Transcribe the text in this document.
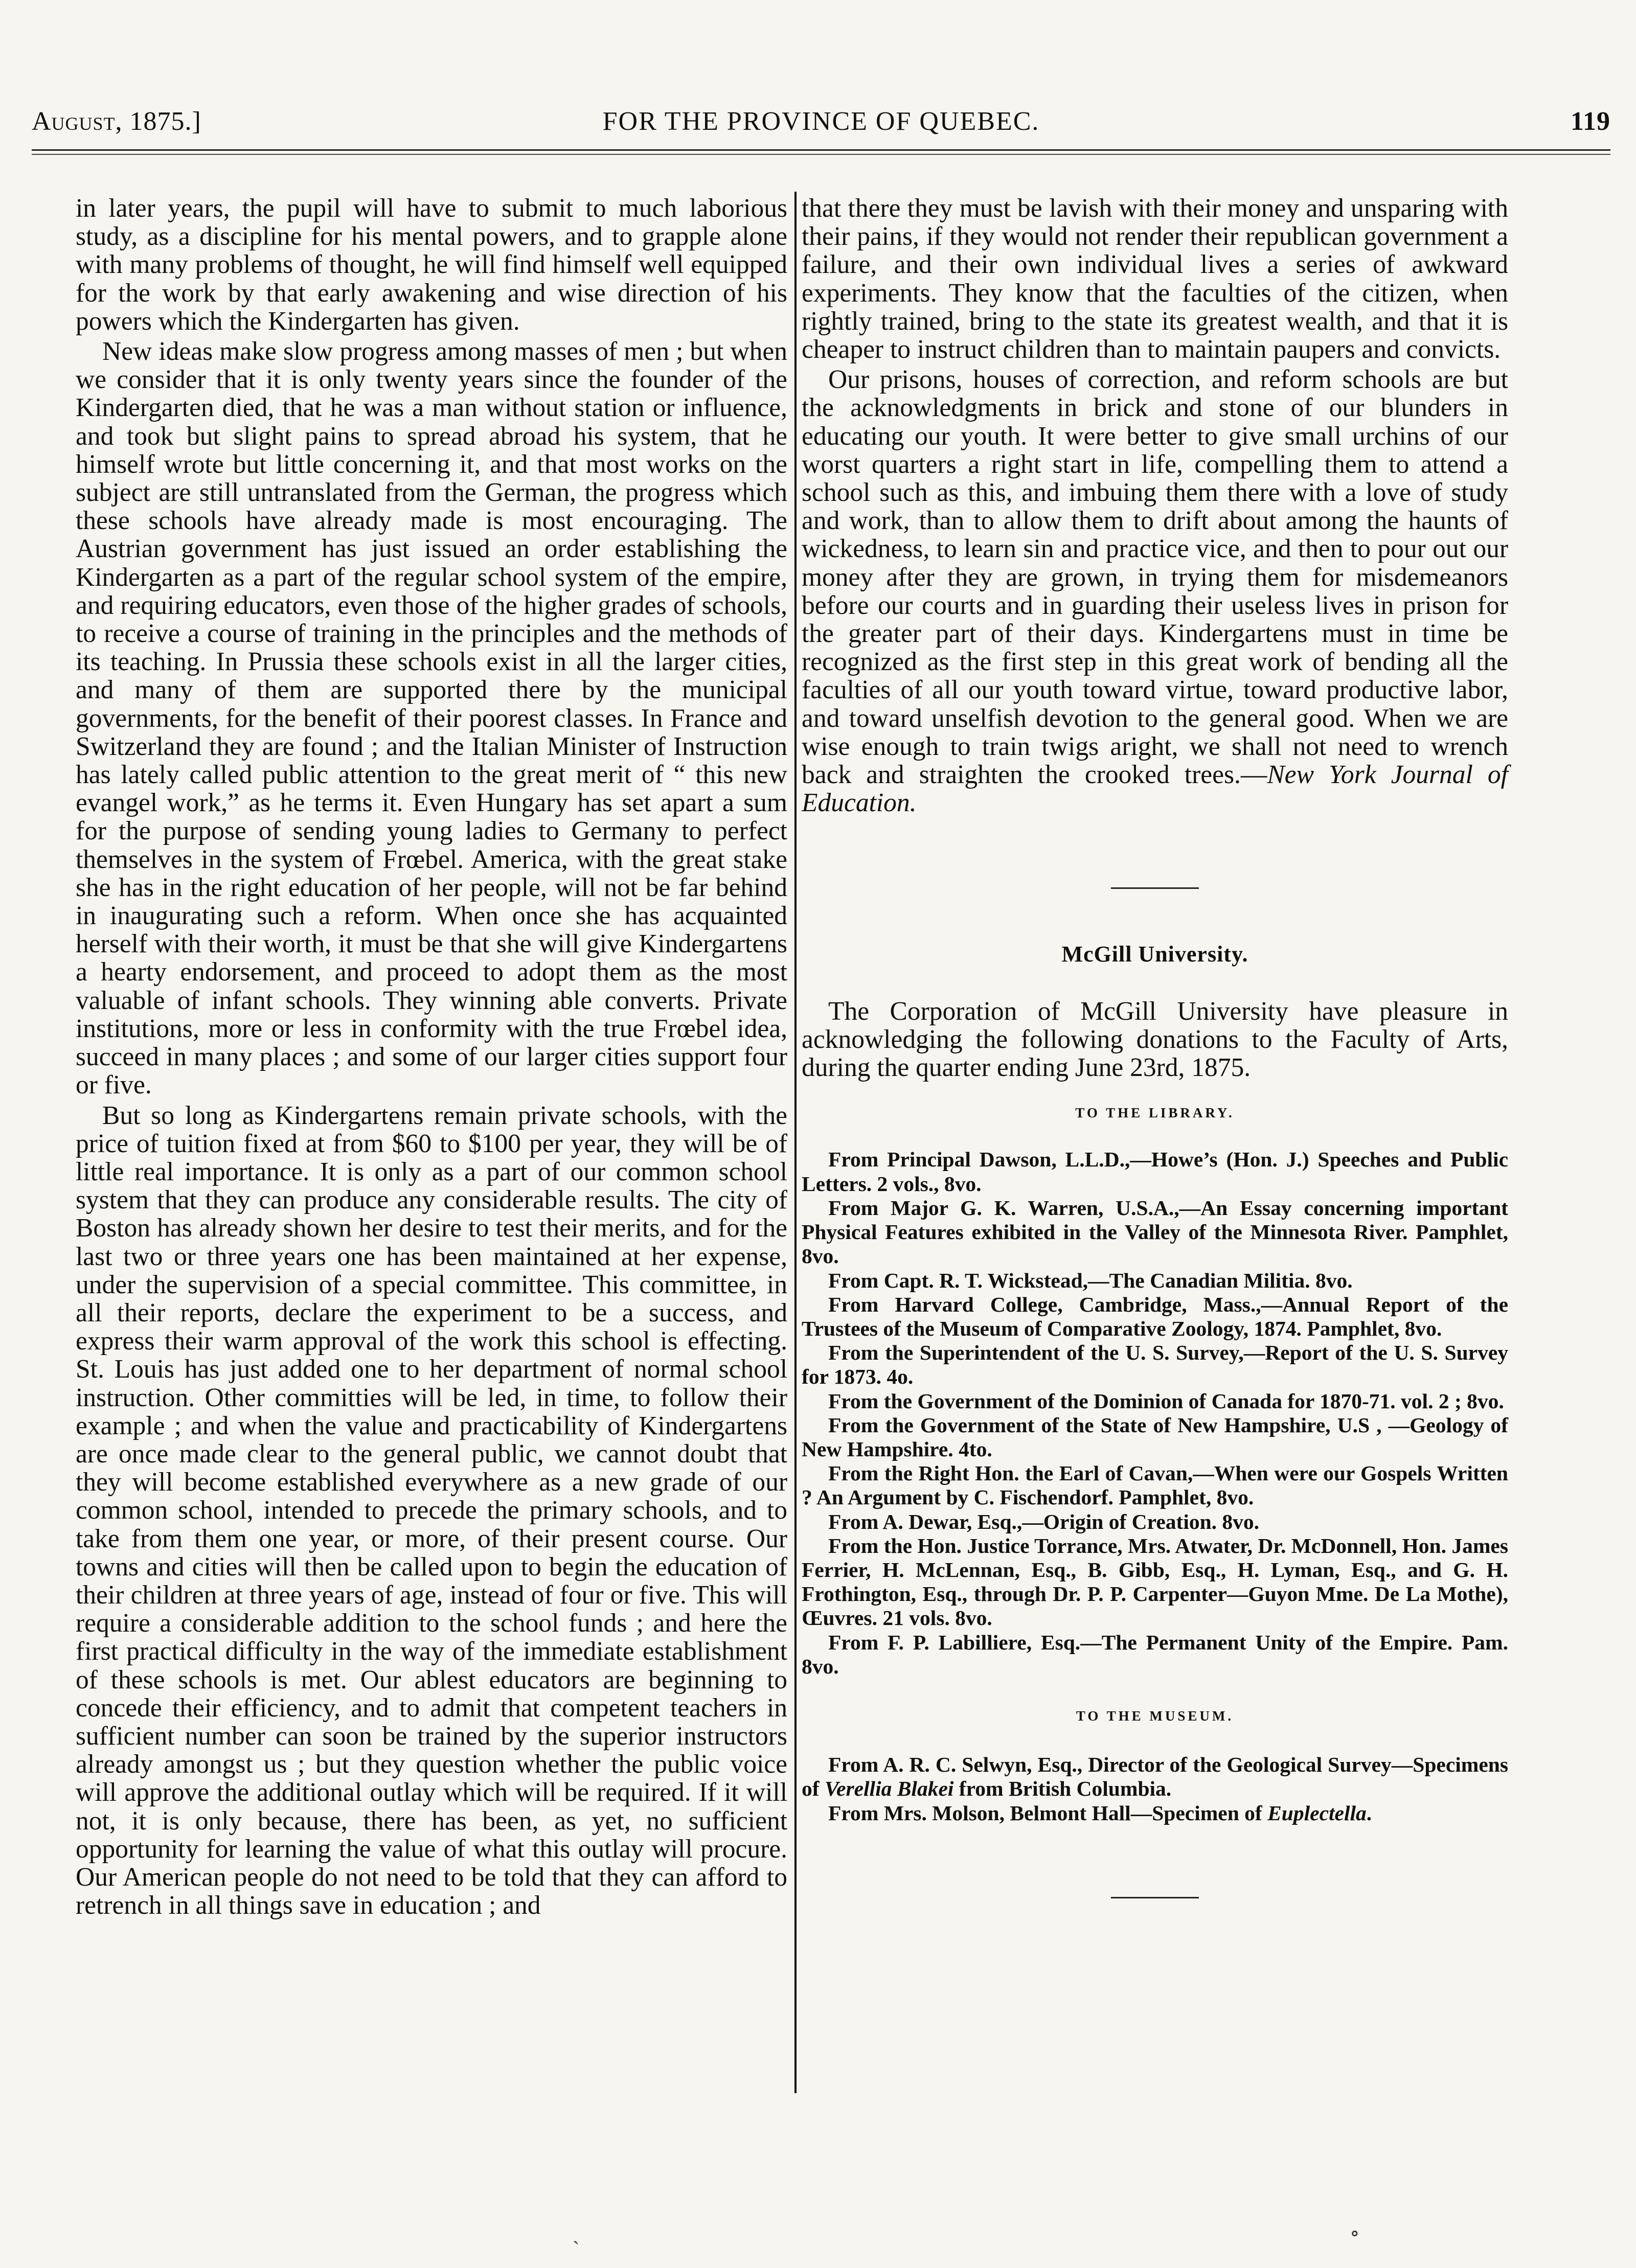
August, 1875.]	FOR THE PROVINCE OF QUEBEC.	119

in later years, the pupil will have to submit to much laborious study, as a discipline for his mental powers, and to grapple alone with many problems of thought, he will find himself well equipped for the work by that early awakening and wise direction of his powers which the Kindergarten has given.

New ideas make slow progress among masses of men ; but when we consider that it is only twenty years since the founder of the Kindergarten died, that he was a man without station or influence, and took but slight pains to spread abroad his system, that he himself wrote but little concerning it, and that most works on the subject are still untranslated from the German, the progress which these schools have already made is most encouraging. The Austrian government has just issued an order establishing the Kindergarten as a part of the regular school system of the empire, and requiring educators, even those of the higher grades of schools, to receive a course of training in the principles and the methods of its teaching. In Prussia these schools exist in all the larger cities, and many of them are supported there by the municipal governments, for the benefit of their poorest classes. In France and Switzerland they are found ; and the Italian Minister of Instruction has lately called public attention to the great merit of “ this new evangel work,” as he terms it. Even Hungary has set apart a sum for the purpose of sending young ladies to Germany to perfect themselves in the system of Frœbel. America, with the great stake she has in the right education of her people, will not be far behind in inaugurating such a reform. When once she has acquainted herself with their worth, it must be that she will give Kindergartens a hearty endorsement, and proceed to adopt them as the most valuable of infant schools. They winning able converts. Private institutions, more or less in conformity with the true Frœbel idea, succeed in many places ; and some of our larger cities support four or five.

But so long as Kindergartens remain private schools, with the price of tuition fixed at from $60 to $100 per year, they will be of little real importance. It is only as a part of our common school system that they can produce any considerable results. The city of Boston has already shown her desire to test their merits, and for the last two or three years one has been maintained at her expense, under the supervision of a special committee. This committee, in all their reports, declare the experiment to be a success, and express their warm approval of the work this school is effecting. St. Louis has just added one to her department of normal school instruction. Other committies will be led, in time, to follow their example ; and when the value and practicability of Kindergartens are once made clear to the general public, we cannot doubt that they will become established everywhere as a new grade of our common school, intended to precede the primary schools, and to take from them one year, or more, of their present course. Our towns and cities will then be called upon to begin the education of their children at three years of age, instead of four or five. This will require a considerable addition to the school funds ; and here the first practical difficulty in the way of the immediate establishment of these schools is met. Our ablest educators are beginning to concede their efficiency, and to admit that competent teachers in sufficient number can soon be trained by the superior instructors already amongst us ; but they question whether the public voice will approve the additional outlay which will be required. If it will not, it is only because, there has been, as yet, no sufficient opportunity for learning the value of what this outlay will procure. Our American people do not need to be told that they can afford to retrench in all things save in education ; and

that there they must be lavish with their money and unsparing with their pains, if they would not render their republican government a failure, and their own individual lives a series of awkward experiments. They know that the faculties of the citizen, when rightly trained, bring to the state its greatest wealth, and that it is cheaper to instruct children than to maintain paupers and convicts.

Our prisons, houses of correction, and reform schools are but the acknowledgments in brick and stone of our blunders in educating our youth. It were better to give small urchins of our worst quarters a right start in life, compelling them to attend a school such as this, and imbuing them there with a love of study and work, than to allow them to drift about among the haunts of wickedness, to learn sin and practice vice, and then to pour out our money after they are grown, in trying them for misdemeanors before our courts and in guarding their useless lives in prison for the greater part of their days. Kindergartens must in time be recognized as the first step in this great work of bending all the faculties of all our youth toward virtue, toward productive labor, and toward unselfish devotion to the general good. When we are wise enough to train twigs aright, we shall not need to wrench back and straighten the crooked trees.—New York Journal of Education.

McGill University.

The Corporation of McGill University have pleasure in acknowledging the following donations to the Faculty of Arts, during the quarter ending June 23rd, 1875.

TO THE LIBRARY.

From Principal Dawson, L.L.D.,—Howe’s (Hon. J.) Speeches and Public Letters. 2 vols., 8vo.

From Major G. K. Warren, U.S.A.,—An Essay concerning important Physical Features exhibited in the Valley of the Minnesota River. Pamphlet, 8vo.

From Capt. R. T. Wickstead,—The Canadian Militia. 8vo.

From Harvard College, Cambridge, Mass.,—Annual Report of the Trustees of the Museum of Comparative Zoology, 1874. Pamphlet, 8vo.

From the Superintendent of the U. S. Survey,—Report of the U. S. Survey for 1873. 4o.

From the Government of the Dominion of Canada for 1870-71. vol. 2 ; 8vo.

From the Government of the State of New Hampshire, U.S , —Geology of New Hampshire. 4to.

From the Right Hon. the Earl of Cavan,—When were our Gospels Written ? An Argument by C. Fischendorf. Pamphlet, 8vo.

From A. Dewar, Esq.,—Origin of Creation. 8vo.

From the Hon. Justice Torrance, Mrs. Atwater, Dr. McDonnell, Hon. James Ferrier, H. McLennan, Esq., B. Gibb, Esq., H. Lyman, Esq., and G. H. Frothington, Esq., through Dr. P. P. Carpenter—Guyon Mme. De La Mothe), Œuvres. 21 vols. 8vo.

From F. P. Labilliere, Esq.—The Permanent Unity of the Empire. Pam. 8vo.

TO THE MUSEUM.

From A. R. C. Selwyn, Esq., Director of the Geological Survey—Specimens of Verellia Blakei from British Columbia.

From Mrs. Molson, Belmont Hall—Specimen of Euplectella.

ˎ	∘
